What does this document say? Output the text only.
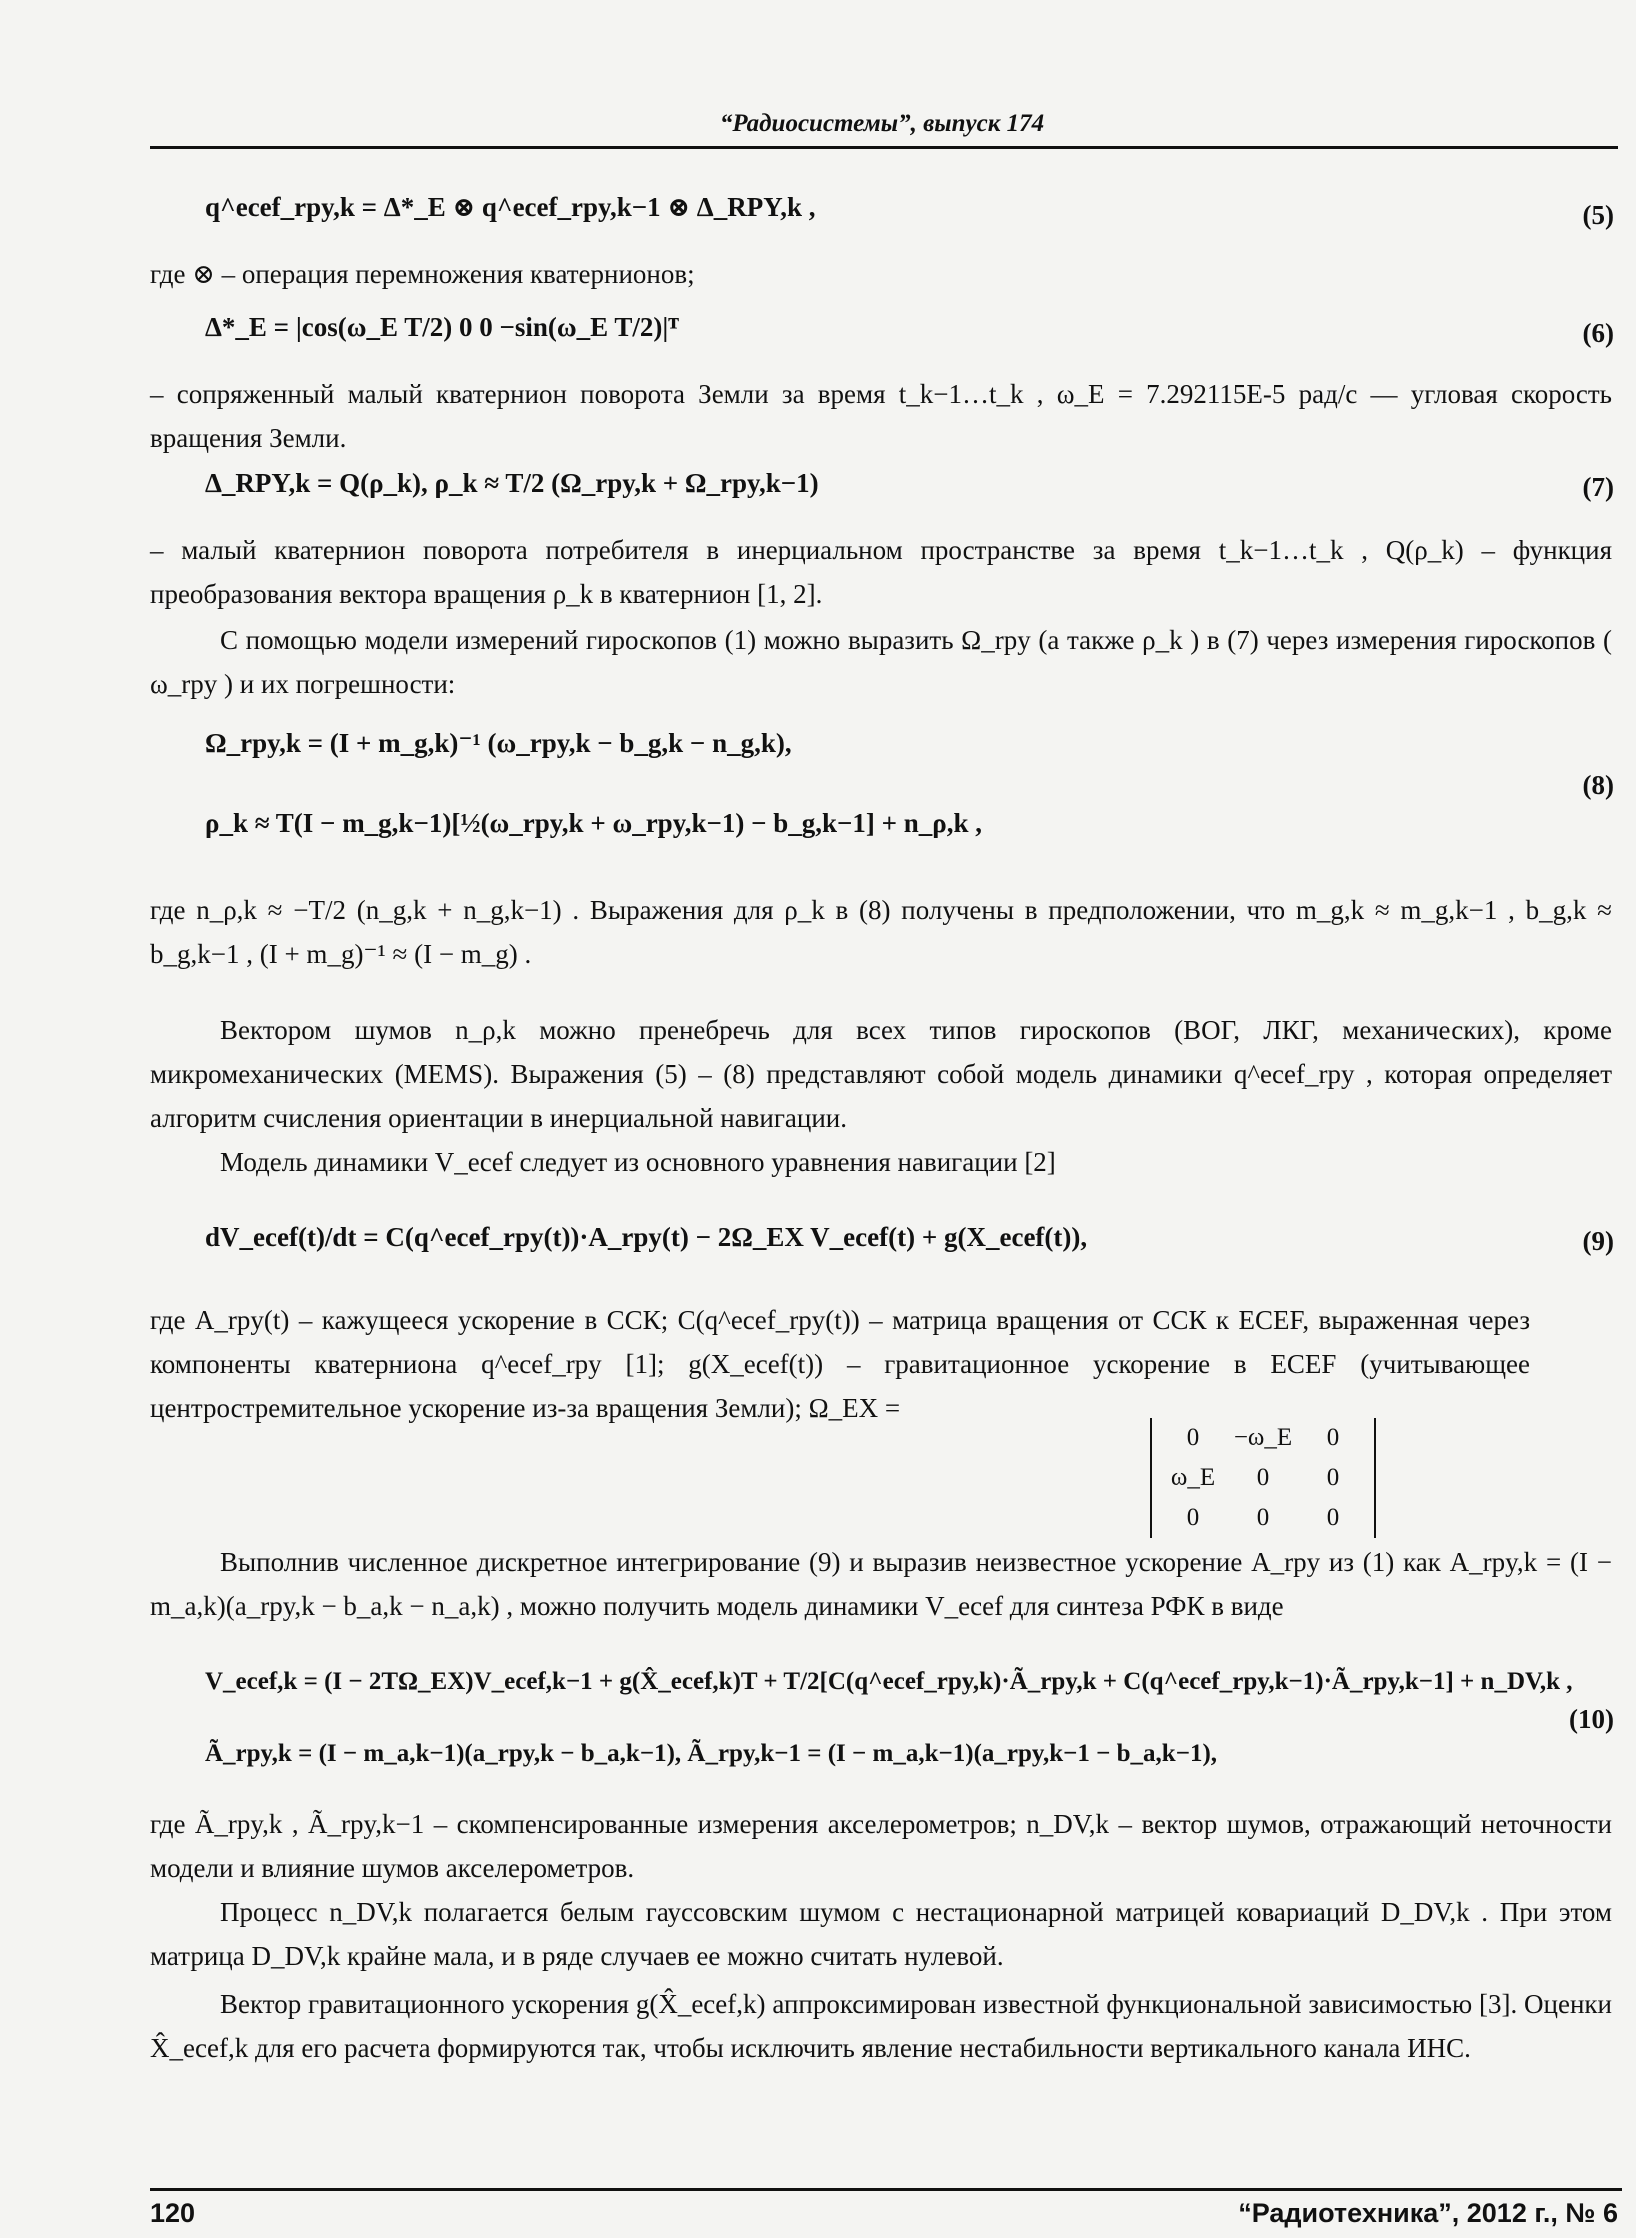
“Радиосистемы”, выпуск 174
q^ecef_rpy,k = Δ*_E ⊗ q^ecef_rpy,k−1 ⊗ Δ_RPY,k ,	(5)
где ⊗ – операция перемножения кватернионов;
Δ*_E = |cos(ω_E T/2) 0 0 −sin(ω_E T/2)|ᵀ	(6)
– сопряженный малый кватернион поворота Земли за время t_k−1…t_k , ω_E = 7.292115E-5 рад/с — угловая скорость вращения Земли.
Δ_RPY,k = Q(ρ_k), ρ_k ≈ T/2 (Ω_rpy,k + Ω_rpy,k−1)	(7)
– малый кватернион поворота потребителя в инерциальном пространстве за время t_k−1…t_k , Q(ρ_k) – функция преобразования вектора вращения ρ_k в кватернион [1, 2].
С помощью модели измерений гироскопов (1) можно выразить Ω_rpy (а также ρ_k ) в (7) через измерения гироскопов ( ω_rpy ) и их погрешности:
Ω_rpy,k = (I + m_g,k)⁻¹ (ω_rpy,k − b_g,k − n_g,k),
ρ_k ≈ T(I − m_g,k−1)[½(ω_rpy,k + ω_rpy,k−1) − b_g,k−1] + n_ρ,k ,
(8)
где n_ρ,k ≈ −T/2 (n_g,k + n_g,k−1) . Выражения для ρ_k в (8) получены в предположении, что m_g,k ≈ m_g,k−1 , b_g,k ≈ b_g,k−1 , (I + m_g)⁻¹ ≈ (I − m_g) .
Вектором шумов n_ρ,k можно пренебречь для всех типов гироскопов (ВОГ, ЛКГ, механических), кроме микромеханических (MEMS). Выражения (5) – (8) представляют собой модель динамики q^ecef_rpy , которая определяет алгоритм счисления ориентации в инерциальной навигации.
Модель динамики V_ecef следует из основного уравнения навигации [2]
dV_ecef(t)/dt = C(q^ecef_rpy(t))·A_rpy(t) − 2Ω_EX V_ecef(t) + g(X_ecef(t)),	(9)
где A_rpy(t) – кажущееся ускорение в ССК; C(q^ecef_rpy(t)) – матрица вращения от ССК к ECEF, выраженная через компоненты кватерниона q^ecef_rpy [1]; g(X_ecef(t)) – гравитационное ускорение в ECEF (учитывающее центростремительное ускорение из-за вращения Земли); Ω_EX =
0 −ω_E 0
ω_E 0 0
0 0 0
Выполнив численное дискретное интегрирование (9) и выразив неизвестное ускорение A_rpy из (1) как A_rpy,k = (I − m_a,k)(a_rpy,k − b_a,k − n_a,k) , можно получить модель динамики V_ecef для синтеза РФК в виде
V_ecef,k = (I − 2TΩ_EX)V_ecef,k−1 + g(X̂_ecef,k)T + T/2[C(q^ecef_rpy,k)·Ã_rpy,k + C(q^ecef_rpy,k−1)·Ã_rpy,k−1] + n_DV,k ,
Ã_rpy,k = (I − m_a,k−1)(a_rpy,k − b_a,k−1), Ã_rpy,k−1 = (I − m_a,k−1)(a_rpy,k−1 − b_a,k−1),
(10)
где Ã_rpy,k , Ã_rpy,k−1 – скомпенсированные измерения акселерометров; n_DV,k – вектор шумов, отражающий неточности модели и влияние шумов акселерометров.
Процесс n_DV,k полагается белым гауссовским шумом с нестационарной матрицей ковариаций D_DV,k . При этом матрица D_DV,k крайне мала, и в ряде случаев ее можно считать нулевой.
Вектор гравитационного ускорения g(X̂_ecef,k) аппроксимирован известной функциональной зависимостью [3]. Оценки X̂_ecef,k для его расчета формируются так, чтобы исключить явление нестабильности вертикального канала ИНС.
120	“Радиотехника”, 2012 г., № 6
